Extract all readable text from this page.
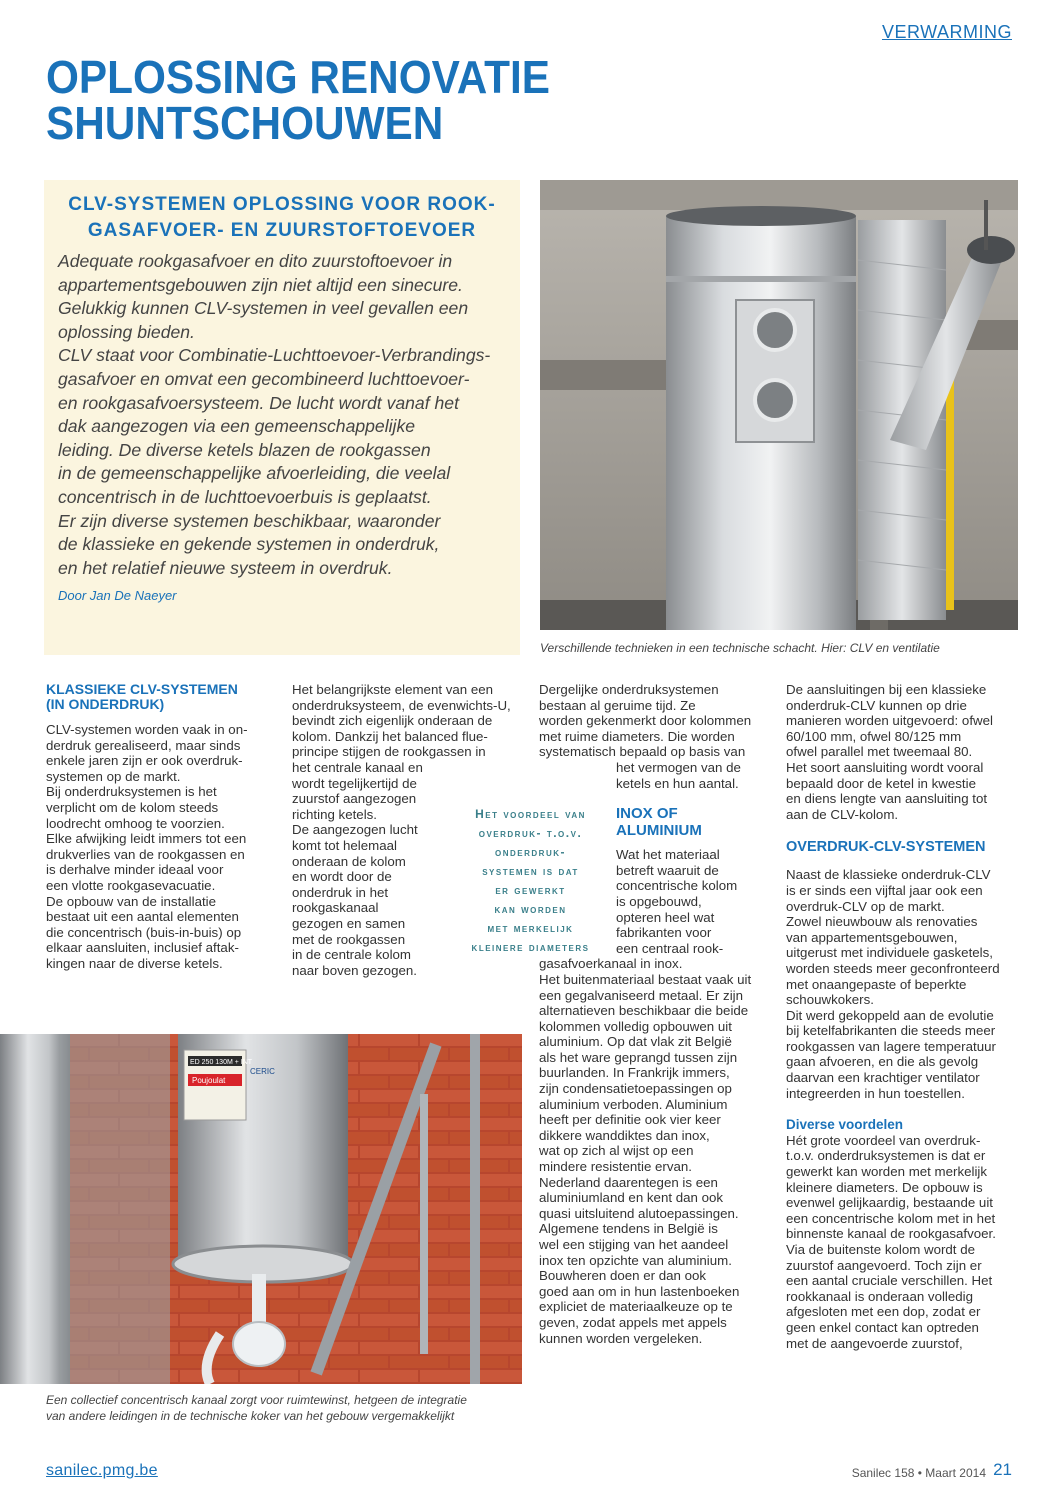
VERWARMING
OPLOSSING RENOVATIE
SHUNTSCHOUWEN
CLV-SYSTEMEN OPLOSSING VOOR ROOK-
GASAFVOER- EN ZUURSTOFTOEVOER

Adequate rookgasafvoer en dito zuurstoftoevoer in
appartementsgebouwen zijn niet altijd een sinecure.
Gelukkig kunnen CLV-systemen in veel gevallen een
oplossing bieden.
CLV staat voor Combinatie-Luchttoevoer-Verbrandings-
gasafvoer en omvat een gecombineerd luchttoevoer-
en rookgasafvoersysteem. De lucht wordt vanaf het
dak aangezogen via een gemeenschappelijke
leiding. De diverse ketels blazen de rookgassen
in de gemeenschappelijke afvoerleiding, die veelal
concentrisch in de luchttoevoerbuis is geplaatst.
Er zijn diverse systemen beschikbaar, waaronder
de klassieke en gekende systemen in onderdruk,
en het relatief nieuwe systeem in overdruk.

Door Jan De Naeyer
Verschillende technieken in een technische schacht. Hier: CLV en ventilatie
KLASSIEKE CLV-SYSTEMEN
(IN ONDERDRUK)

CLV-systemen worden vaak in on-
derdruk gerealiseerd, maar sinds
enkele jaren zijn er ook overdruk-
systemen op de markt.
Bij onderdruksystemen is het
verplicht om de kolom steeds
loodrecht omhoog te voorzien.
Elke afwijking leidt immers tot een
drukverlies van de rookgassen en
is derhalve minder ideaal voor
een vlotte rookgasevacuatie.
De opbouw van de installatie
bestaat uit een aantal elementen
die concentrisch (buis-in-buis) op
elkaar aansluiten, inclusief aftak-
kingen naar de diverse ketels.

Het belangrijkste element van een
onderdruksysteem, de evenwichts-U,
bevindt zich eigenlijk onderaan de
kolom. Dankzij het balanced flue-
principe stijgen de rookgassen in
het centrale kanaal en
wordt tegelijkertijd de
zuurstof aangezogen
richting ketels.
De aangezogen lucht
komt tot helemaal
onderaan de kolom
en wordt door de
onderdruk in het
rookgaskanaal
gezogen en samen
met de rookgassen
in de centrale kolom
naar boven gezogen.

Het voordeel van
overdruk- t.o.v.
onderdruk-
systemen is dat
er gewerkt
kan worden
met merkelijk
kleinere diameters

Dergelijke onderdruksystemen
bestaan al geruime tijd. Ze
worden gekenmerkt door kolommen
met ruime diameters. Die worden
systematisch bepaald op basis van

het vermogen van de
ketels en hun aantal.

INOX OF
ALUMINIUM

Wat het materiaal
betreft waaruit de
concentrische kolom
is opgebouwd,
opteren heel wat
fabrikanten voor
een centraal rook-

gasafvoerkanaal in inox.
Het buitenmateriaal bestaat vaak uit
een gegalvaniseerd metaal. Er zijn
alternatieven beschikbaar die beide
kolommen volledig opbouwen uit
aluminium. Op dat vlak zit België
als het ware geprangd tussen zijn
buurlanden. In Frankrijk immers,
zijn condensatietoepassingen op
aluminium verboden. Aluminium
heeft per definitie ook vier keer
dikkere wanddiktes dan inox,
wat op zich al wijst op een
mindere resistentie ervan.
Nederland daarentegen is een
aluminiumland en kent dan ook
quasi uitsluitend alutoepassingen.
Algemene tendens in België is
wel een stijging van het aandeel
inox ten opzichte van aluminium.
Bouwheren doen er dan ook
goed aan om in hun lastenboeken
expliciet de materiaalkeuze op te
geven, zodat appels met appels
kunnen worden vergeleken.

De aansluitingen bij een klassieke
onderdruk-CLV kunnen op drie
manieren worden uitgevoerd: ofwel
60/100 mm, ofwel 80/125 mm
ofwel parallel met tweemaal 80.
Het soort aansluiting wordt vooral
bepaald door de ketel in kwestie
en diens lengte van aansluiting tot
aan de CLV-kolom.

OVERDRUK-CLV-SYSTEMEN

Naast de klassieke onderdruk-CLV
is er sinds een vijftal jaar ook een
overdruk-CLV op de markt.
Zowel nieuwbouw als renovaties
van appartementsgebouwen,
uitgerust met individuele gasketels,
worden steeds meer geconfronteerd
met onaangepaste of beperkte
schouwkokers.
Dit werd gekoppeld aan de evolutie
bij ketelfabrikanten die steeds meer
rookgassen van lagere temperatuur
gaan afvoeren, en die als gevolg
daarvan een krachtiger ventilator
integreerden in hun toestellen.

Diverse voordelen

Hét grote voordeel van overdruk-
t.o.v. onderdruksystemen is dat er
gewerkt kan worden met merkelijk
kleinere diameters. De opbouw is
evenwel gelijkaardig, bestaande uit
een concentrische kolom met in het
binnenste kanaal de rookgasafvoer.
Via de buitenste kolom wordt de
zuurstof aangevoerd. Toch zijn er
een aantal cruciale verschillen. Het
rookkanaal is onderaan volledig
afgesloten met een dop, zodat er
geen enkel contact kan optreden
met de aangevoerde zuurstof,

ED 250 130M + INT
Poujoulat
CERIC
Een collectief concentrisch kanaal zorgt voor ruimtewinst, hetgeen de integratie
van andere leidingen in de technische koker van het gebouw vergemakkelijkt
sanilec.pmg.be	Sanilec 158 • Maart 2014 21
